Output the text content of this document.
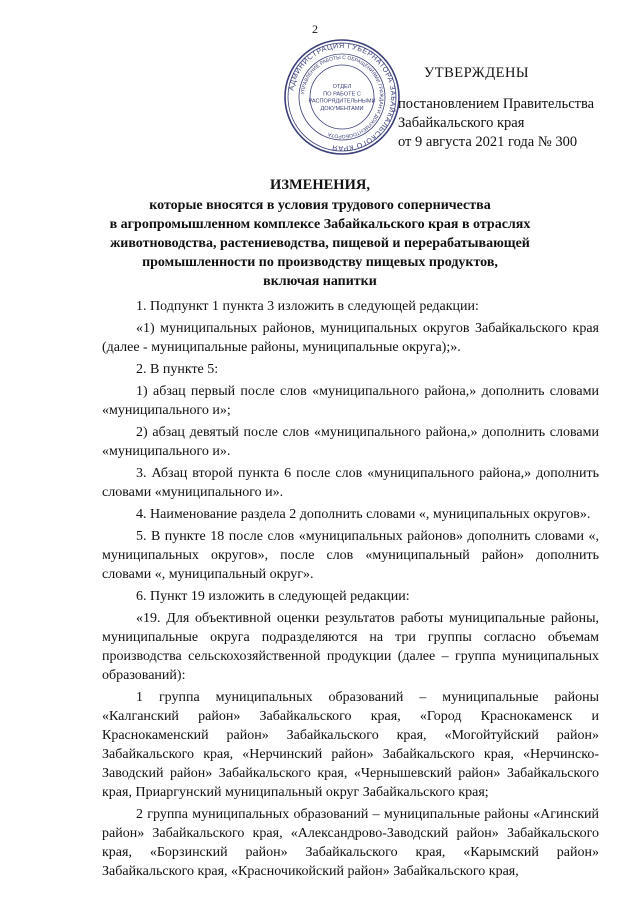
2
АДМИНИСТРАЦИЯ ГУБЕРНАТОРА ЗАБАЙКАЛЬСКОГО КРАЯ
УПРАВЛЕНИЕ РАБОТЫ С ОБРАЩЕНИЯМИ ГРАЖДАН И ДОКУМЕНТООБОРОТА
ОТДЕЛ ПО РАБОТЕ С РАСПОРЯДИТЕЛЬНЫМИ ДОКУМЕНТАМИ
УТВЕРЖДЕНЫ
постановлением Правительства
Забайкальского края
от 9 августа 2021 года № 300
ИЗМЕНЕНИЯ,
которые вносятся в условия трудового соперничества
в агропромышленном комплексе Забайкальского края в отраслях
животноводства, растениеводства, пищевой и перерабатывающей
промышленности по производству пищевых продуктов,
включая напитки

1. Подпункт 1 пункта 3 изложить в следующей редакции:

«1) муниципальных районов, муниципальных округов Забайкальского края (далее - муниципальные районы, муниципальные округа);».

2. В пункте 5:

1) абзац первый после слов «муниципального района,» дополнить словами «муниципального и»;

2) абзац девятый после слов «муниципального района,» дополнить словами «муниципального и».

3. Абзац второй пункта 6 после слов «муниципального района,» дополнить словами «муниципального и».

4. Наименование раздела 2 дополнить словами «, муниципальных округов».

5. В пункте 18 после слов «муниципальных районов» дополнить словами «, муниципальных округов», после слов «муниципальный район» дополнить словами «, муниципальный округ».

6. Пункт 19 изложить в следующей редакции:

«19. Для объективной оценки результатов работы муниципальные районы, муниципальные округа подразделяются на три группы согласно объемам производства сельскохозяйственной продукции (далее – группа муниципальных образований):

1 группа муниципальных образований – муниципальные районы «Калганский район» Забайкальского края, «Город Краснокаменск и Краснокаменский район» Забайкальского края, «Могойтуйский район» Забайкальского края, «Нерчинский район» Забайкальского края, «Нерчинско-Заводский район» Забайкальского края, «Чернышевский район» Забайкальского края, Приаргунский муниципальный округ Забайкальского края;

2 группа муниципальных образований – муниципальные районы «Агинский район» Забайкальского края, «Александрово-Заводский район» Забайкальского края, «Борзинский район» Забайкальского края, «Карымский район» Забайкальского края, «Красночикойский район» Забайкальского края,
